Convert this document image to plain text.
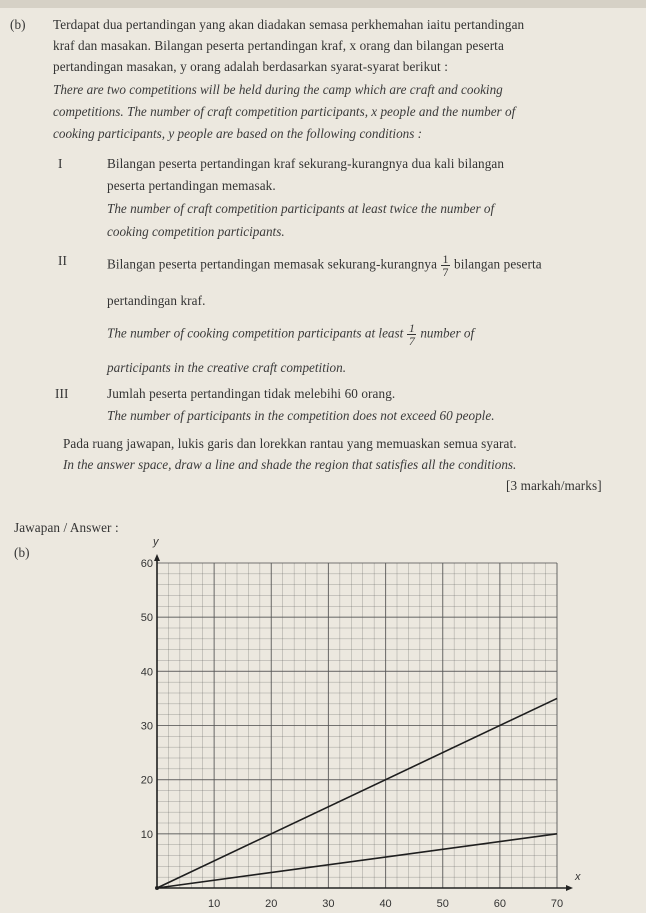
(b) Terdapat dua pertandingan yang akan diadakan semasa perkhemahan iaitu pertandingan
kraf dan masakan. Bilangan peserta pertandingan kraf, x orang dan bilangan peserta
pertandingan masakan, y orang adalah berdasarkan syarat-syarat berikut :
There are two competitions will be held during the camp which are craft and cooking
competitions. The number of craft competition participants, x people and the number of
cooking participants, y people are based on the following conditions :
I	Bilangan peserta pertandingan kraf sekurang-kurangnya dua kali bilangan
peserta pertandingan memasak.
The number of craft competition participants at least twice the number of
cooking competition participants.
II	Bilangan peserta pertandingan memasak sekurang-kurangnya $\frac{1}{7}$ bilangan peserta
pertandingan kraf.
The number of cooking competition participants at least $\frac{1}{7}$ number of
participants in the creative craft competition.
III	Jumlah peserta pertandingan tidak melebihi 60 orang.
The number of participants in the competition does not exceed 60 people.
Pada ruang jawapan, lukis garis dan lorekkan rantau yang memuaskan semua syarat.
In the answer space, draw a line and shade the region that satisfies all the conditions.
[3 markah/marks]
Jawapan / Answer :
(b)
y
x
10	20	30	40	50	60	70
10
20
30
40
50
60
